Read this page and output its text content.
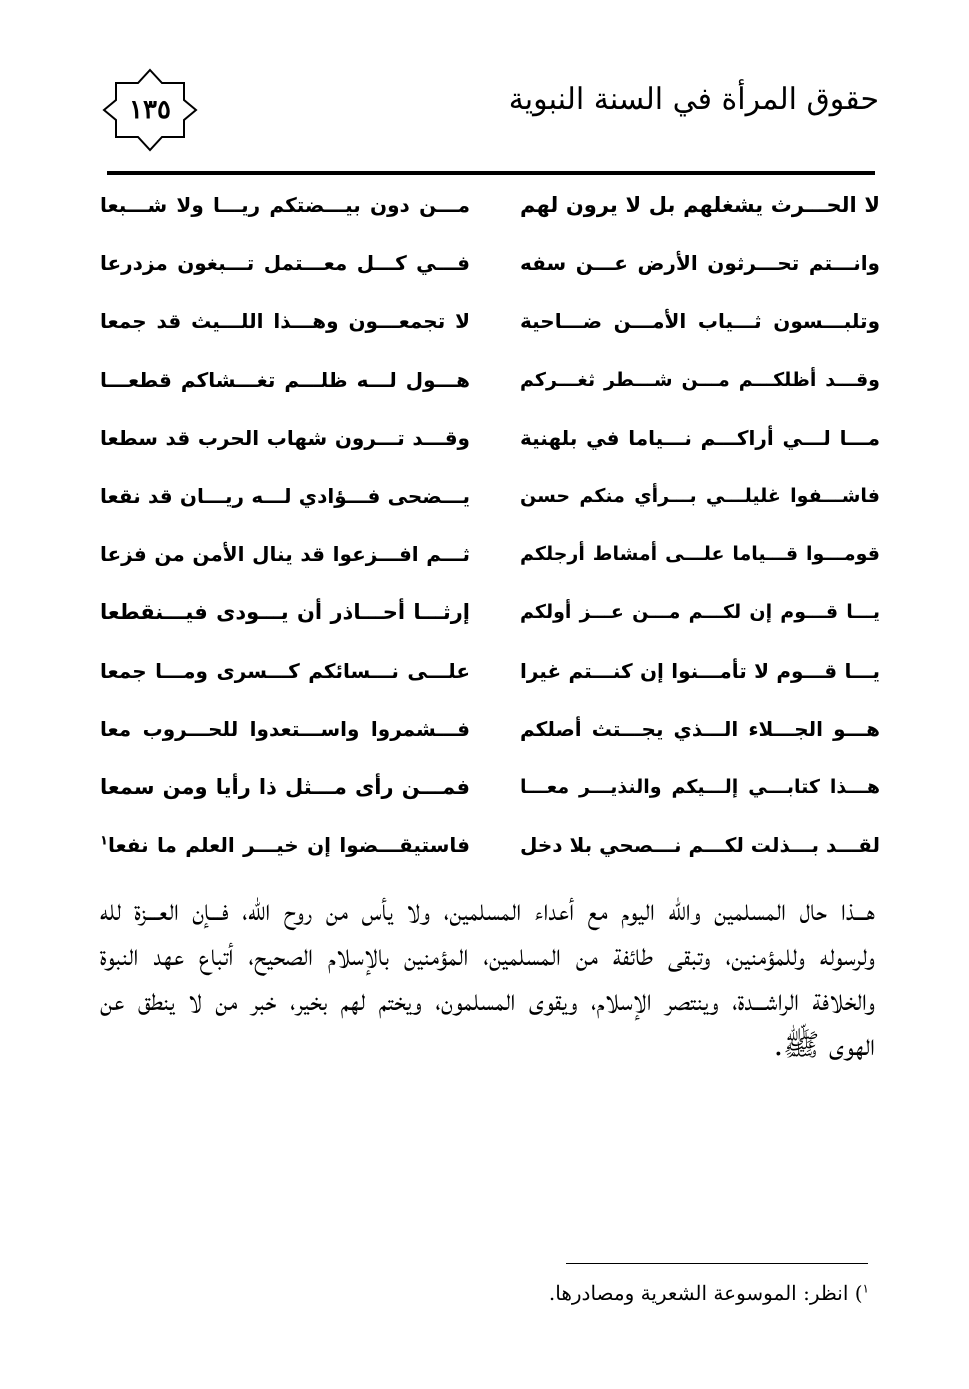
١٣٥	حقوق المرأة في السنة النبوية
لا الحـــرث يشغلهم بل لا يرون لهم
مـــن دون بيـــضتكم ريـــا ولا شـــبعا
وانـــتم تحـــرثون الأرض عـــن سفه
فـــي كـــل معـــتمل تـــبغون مزدرعا
وتلبـــسون ثـــياب الأمـــن ضـــاحية
لا تجمعـــون وهـــذا اللـــيث قد جمعا
وقـــد أظلكـــم مـــن شـــطر ثغـــركم
هـــول لـــه ظلـــم تغـــشاكم قطعـــا
مـــا لـــي أراكـــم نـــياما في بلهنية
وقـــد تـــرون شهاب الحرب قد سطعا
فاشـــفوا غليلـــي بـــرأي منكم حسن
يـــضحى فـــؤادي لـــه ريـــان قد نقعا
قومـــوا قـــياما علـــى أمشاط أرجلكم
ثـــم افـــزعوا قد ينال الأمن من فزعا
يـــا قـــوم إن لكـــم مـــن عـــز أولكم
إرثـــا أحـــاذر أن يـــودى فيـــنقطعا
يـــا قـــوم لا تأمـــنوا إن كنـــتم غيرا
علـــى نـــسائكم كـــسرى ومـــا جمعا
هـــو الجـــلاء الـــذي يجـــتث أصلكم
فـــشمروا واســـتعدوا للحـــروب معا
هـــذا كتابـــي إلـــيكم والنذيـــر معـــا
فمـــن رأى مـــثل ذا رأيا ومن سمعا
لقـــد بـــذلت لكـــم نـــصحي بلا دخل
فاستيقـــضوا إن خيـــر العلم ما نفعا$^١$
هـــذا حال المسلمين والله اليوم مع أعداء المسلمين، ولا يأس من روح الله، فـــإن العـــزة لله ولرسوله وللمؤمنين، وتبقى طائفة من المسلمين، المؤمنين بالإسلام الصحيح، أتباع عهد النبوة والخلافة الراشـــدة، وينتصر الإسلام، ويقوى المسلمون، ويختم لهم بخير، خبر من لا ينطق عن الهوى ﷺ.
$^١$) انظر: الموسوعة الشعرية ومصادرها.
